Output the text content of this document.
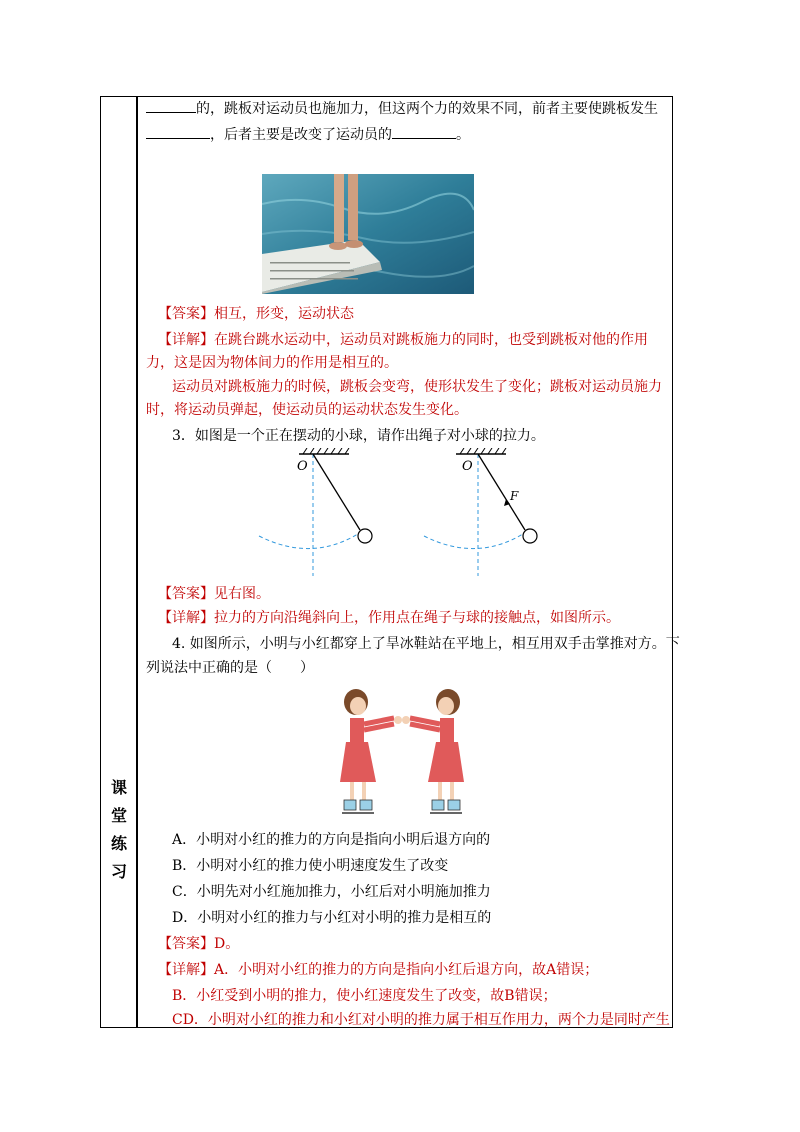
课
堂
练
习
的，跳板对运动员也施加力，但这两个力的效果不同，前者主要使跳板发生
，后者主要是改变了运动员的	。
【答案】相互，形变，运动状态
【详解】在跳台跳水运动中，运动员对跳板施力的同时，也受到跳板对他的作用
力，这是因为物体间力的作用是相互的。
运动员对跳板施力的时候，跳板会变弯，使形状发生了变化；跳板对运动员施力
时，将运动员弹起，使运动员的运动状态发生变化。
3．如图是一个正在摆动的小球，请作出绳子对小球的拉力。
O	O
F
【答案】见右图。
【详解】拉力的方向沿绳斜向上，作用点在绳子与球的接触点，如图所示。
4. 如图所示，小明与小红都穿上了旱冰鞋站在平地上，相互用双手击掌推对方。下
列说法中正确的是（　　）
A．小明对小红的推力的方向是指向小明后退方向的
B．小明对小红的推力使小明速度发生了改变
C．小明先对小红施加推力，小红后对小明施加推力
D．小明对小红的推力与小红对小明的推力是相互的
【答案】D。
【详解】A．小明对小红的推力的方向是指向小红后退方向，故A错误；
B．小红受到小明的推力，使小红速度发生了改变，故B错误；
CD．小明对小红的推力和小红对小明的推力属于相互作用力，两个力是同时产生
